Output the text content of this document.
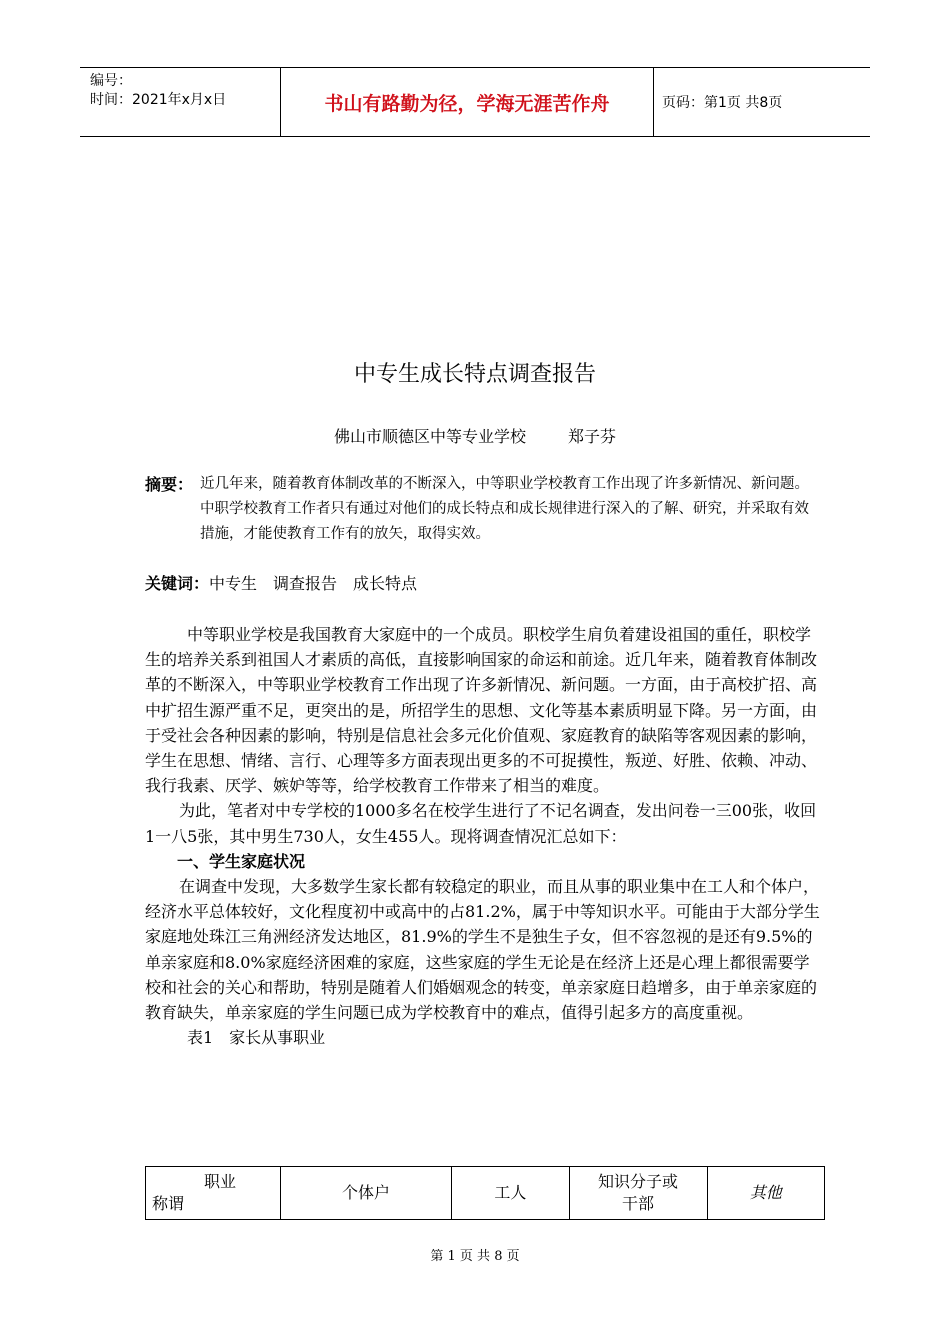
编号：
时间：2021年x月x日	书山有路勤为径，学海无涯苦作舟	页码：第1页 共8页
中专生成长特点调查报告
佛山市顺德区中等专业学校	郑子芬
摘要： 近几年来，随着教育体制改革的不断深入，中等职业学校教育工作出现了许多新情况、新问题。中职学校教育工作者只有通过对他们的成长特点和成长规律进行深入的了解、研究，并采取有效措施，才能使教育工作有的放矢，取得实效。
关键词：中专生　调查报告　成长特点

中等职业学校是我国教育大家庭中的一个成员。职校学生肩负着建设祖国的重任，职校学生的培养关系到祖国人才素质的高低，直接影响国家的命运和前途。近几年来，随着教育体制改革的不断深入，中等职业学校教育工作出现了许多新情况、新问题。一方面，由于高校扩招、高中扩招生源严重不足，更突出的是，所招学生的思想、文化等基本素质明显下降。另一方面，由于受社会各种因素的影响，特别是信息社会多元化价值观、家庭教育的缺陷等客观因素的影响，学生在思想、情绪、言行、心理等多方面表现出更多的不可捉摸性，叛逆、好胜、依赖、冲动、我行我素、厌学、嫉妒等等，给学校教育工作带来了相当的难度。

为此，笔者对中专学校的1000多名在校学生进行了不记名调查，发出问卷一三00张，收回1一八5张，其中男生730人，女生455人。现将调查情况汇总如下：

一、学生家庭状况

在调查中发现，大多数学生家长都有较稳定的职业，而且从事的职业集中在工人和个体户，经济水平总体较好，文化程度初中或高中的占81.2%，属于中等知识水平。可能由于大部分学生家庭地处珠江三角洲经济发达地区，81.9%的学生不是独生子女，但不容忽视的是还有9.5%的单亲家庭和8.0%家庭经济困难的家庭，这些家庭的学生无论是在经济上还是心理上都很需要学校和社会的关心和帮助，特别是随着人们婚姻观念的转变，单亲家庭日趋增多，由于单亲家庭的教育缺失，单亲家庭的学生问题已成为学校教育中的难点，值得引起多方的高度重视。

表1　家长从事职业

职业
称谓
	个体户	工人	知识分子或干部	其他
第 1 页 共 8 页
